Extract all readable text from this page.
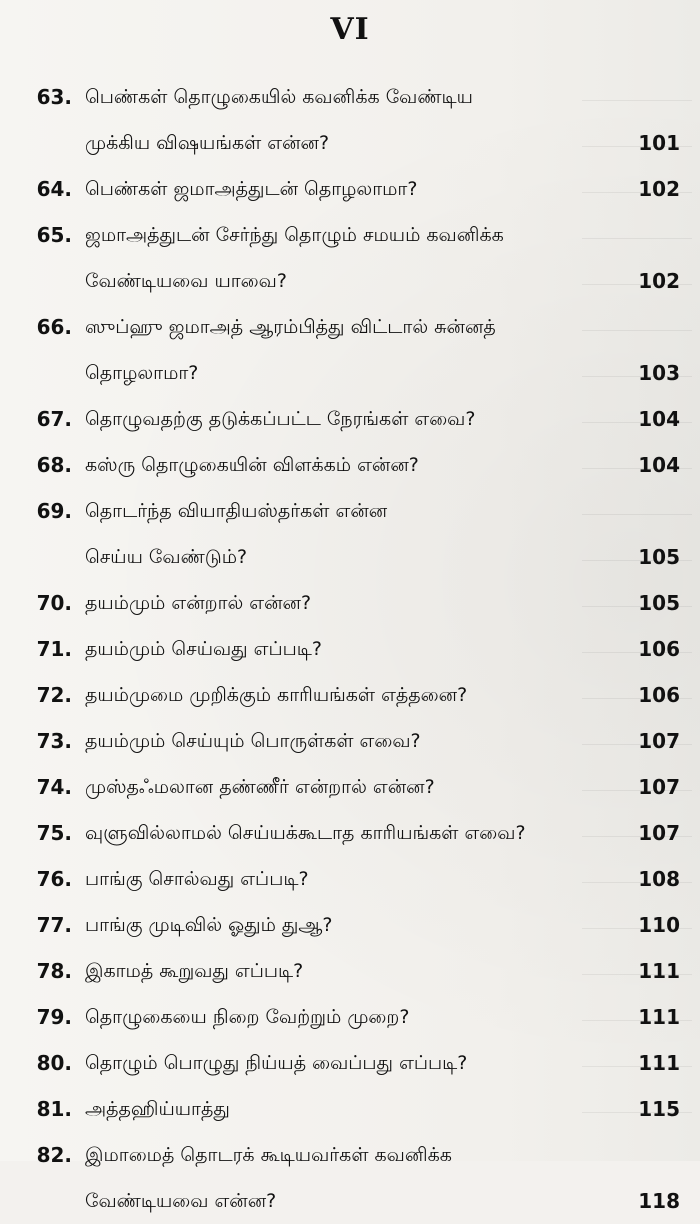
VI
63. பெண்கள் தொழுகையில் கவனிக்க வேண்டிய
முக்கிய விஷயங்கள் என்ன?	101
64. பெண்கள் ஜமாஅத்துடன் தொழலாமா?	102
65. ஜமாஅத்துடன் சேர்ந்து தொழும் சமயம் கவனிக்க
வேண்டியவை யாவை?	102
66. ஸுப்ஹு ஜமாஅத் ஆரம்பித்து விட்டால் சுன்னத்
தொழலாமா?	103
67. தொழுவதற்கு தடுக்கப்பட்ட நேரங்கள் எவை?	104
68. கஸ்ரு தொழுகையின் விளக்கம் என்ன?	104
69. தொடர்ந்த வியாதியஸ்தர்கள் என்ன
செய்ய வேண்டும்?	105
70. தயம்மும் என்றால் என்ன?	105
71. தயம்மும் செய்வது எப்படி?	106
72. தயம்முமை முறிக்கும் காரியங்கள் எத்தனை?	106
73. தயம்மும் செய்யும் பொருள்கள் எவை?	107
74. முஸ்தஃமலான தண்ணீர் என்றால் என்ன?	107
75. வுளுவில்லாமல் செய்யக்கூடாத காரியங்கள் எவை?	107
76. பாங்கு சொல்வது எப்படி?	108
77. பாங்கு முடிவில் ஓதும் துஆ?	110
78. இகாமத் கூறுவது எப்படி?	111
79. தொழுகையை நிறை வேற்றும் முறை?	111
80. தொழும் பொழுது நிய்யத் வைப்பது எப்படி?	111
81. அத்தஹிய்யாத்து	115
82. இமாமைத் தொடரக் கூடியவர்கள் கவனிக்க
வேண்டியவை என்ன?	118
